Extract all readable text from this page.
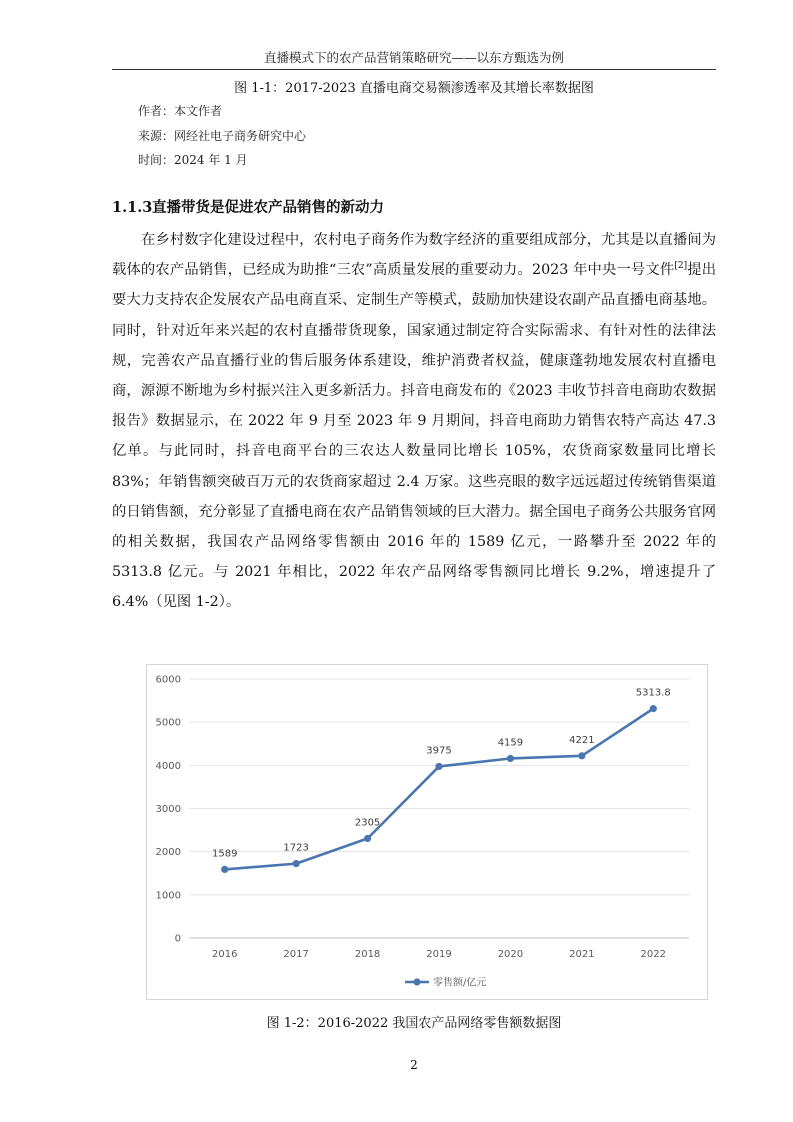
直播模式下的农产品营销策略研究——以东方甄选为例
图 1-1：2017-2023 直播电商交易额渗透率及其增长率数据图
作者：本文作者
来源：网经社电子商务研究中心
时间：2024 年 1 月
1.1.3直播带货是促进农产品销售的新动力
在乡村数字化建设过程中，农村电子商务作为数字经济的重要组成部分，尤其是以直播间为载体的农产品销售，已经成为助推“三农”高质量发展的重要动力。2023 年中央一号文件[2]提出要大力支持农企发展农产品电商直采、定制生产等模式，鼓励加快建设农副产品直播电商基地。同时，针对近年来兴起的农村直播带货现象，国家通过制定符合实际需求、有针对性的法律法规，完善农产品直播行业的售后服务体系建设，维护消费者权益，健康蓬勃地发展农村直播电商，源源不断地为乡村振兴注入更多新活力。抖音电商发布的《2023 丰收节抖音电商助农数据报告》数据显示，在 2022 年 9 月至 2023 年 9 月期间，抖音电商助力销售农特产高达 47.3 亿单。与此同时，抖音电商平台的三农达人数量同比增长 105%，农货商家数量同比增长 83%；年销售额突破百万元的农货商家超过 2.4 万家。这些亮眼的数字远远超过传统销售渠道的日销售额，充分彰显了直播电商在农产品销售领域的巨大潜力。据全国电子商务公共服务官网的相关数据，我国农产品网络零售额由 2016 年的 1589 亿元，一路攀升至 2022 年的 5313.8 亿元。与 2021 年相比，2022 年农产品网络零售额同比增长 9.2%，增速提升了 6.4%（见图 1-2）。
0
1000
2000
3000
4000
5000
6000
2016	2017	2018	2019	2020	2021	2022
1589
1723
2305
3975
4159	4221
5313.8
零售额/亿元
图 1-2：2016-2022 我国农产品网络零售额数据图
2
